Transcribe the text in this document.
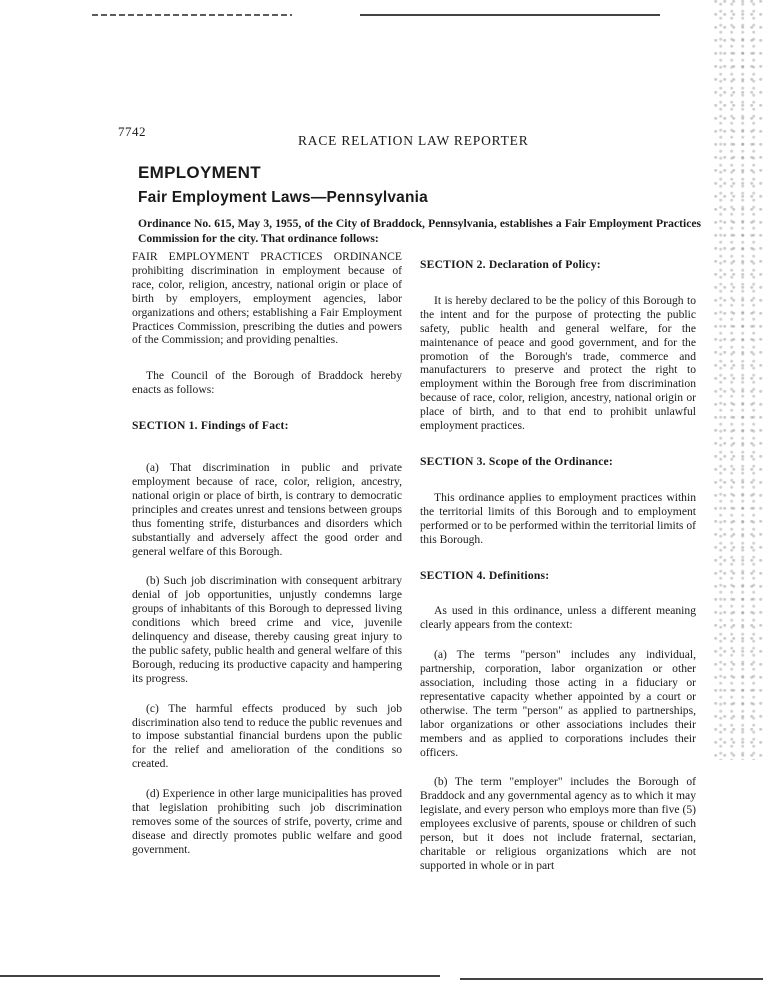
7742
RACE RELATION LAW REPORTER
EMPLOYMENT
Fair Employment Laws—Pennsylvania
Ordinance No. 615, May 3, 1955, of the City of Braddock, Pennsylvania, establishes a Fair Employment Practices Commission for the city. That ordinance follows:

FAIR EMPLOYMENT PRACTICES ORDINANCE prohibiting discrimination in employment because of race, color, religion, ancestry, national origin or place of birth by employers, employment agencies, labor organizations and others; establishing a Fair Employment Practices Commission, prescribing the duties and powers of the Commission; and providing penalties.

The Council of the Borough of Braddock hereby enacts as follows:

SECTION 1. Findings of Fact:

(a) That discrimination in public and private employment because of race, color, religion, ancestry, national origin or place of birth, is contrary to democratic principles and creates unrest and tensions between groups thus fomenting strife, disturbances and disorders which substantially and adversely affect the good order and general welfare of this Borough.

(b) Such job discrimination with consequent arbitrary denial of job opportunities, unjustly condemns large groups of inhabitants of this Borough to depressed living conditions which breed crime and vice, juvenile delinquency and disease, thereby causing great injury to the public safety, public health and general welfare of this Borough, reducing its productive capacity and hampering its progress.

(c) The harmful effects produced by such job discrimination also tend to reduce the public revenues and to impose substantial financial burdens upon the public for the relief and amelioration of the conditions so created.

(d) Experience in other large municipalities has proved that legislation prohibiting such job discrimination removes some of the sources of strife, poverty, crime and disease and directly promotes public welfare and good government.

SECTION 2. Declaration of Policy:

It is hereby declared to be the policy of this Borough to the intent and for the purpose of protecting the public safety, public health and general welfare, for the maintenance of peace and good government, and for the promotion of the Borough's trade, commerce and manufacturers to preserve and protect the right to employment within the Borough free from discrimination because of race, color, religion, ancestry, national origin or place of birth, and to that end to prohibit unlawful employment practices.

SECTION 3. Scope of the Ordinance:

This ordinance applies to employment practices within the territorial limits of this Borough and to employment performed or to be performed within the territorial limits of this Borough.

SECTION 4. Definitions:

As used in this ordinance, unless a different meaning clearly appears from the context:

(a) The terms "person" includes any individual, partnership, corporation, labor organization or other association, including those acting in a fiduciary or representative capacity whether appointed by a court or otherwise. The term "person" as applied to partnerships, labor organizations or other associations includes their members and as applied to corporations includes their officers.

(b) The term "employer" includes the Borough of Braddock and any governmental agency as to which it may legislate, and every person who employs more than five (5) employees exclusive of parents, spouse or children of such person, but it does not include fraternal, sectarian, charitable or religious organizations which are not supported in whole or in part
